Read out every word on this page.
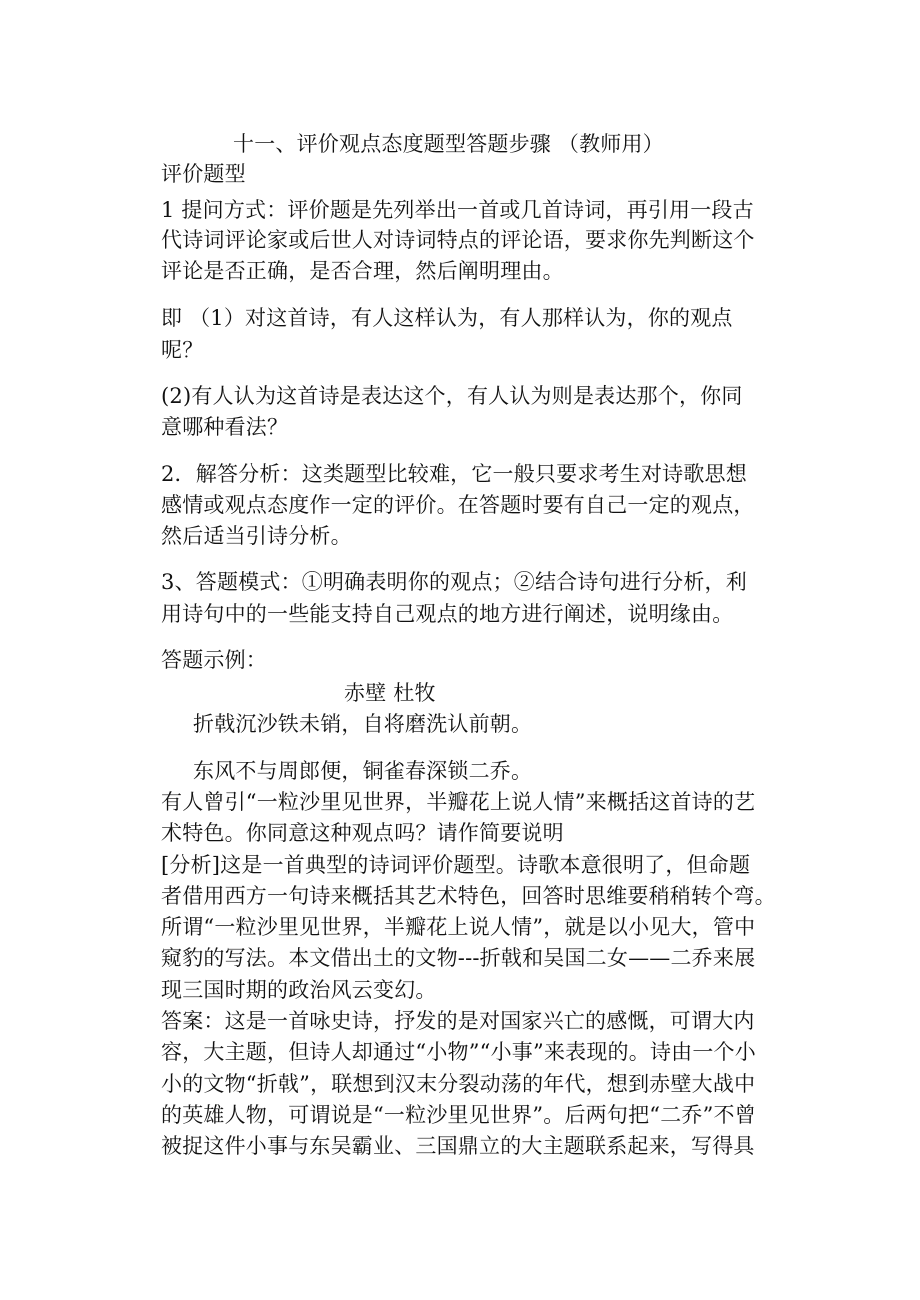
十一、评价观点态度题型答题步骤 （教师用）
评价题型
1 提问方式：评价题是先列举出一首或几首诗词，再引用一段古
代诗词评论家或后世人对诗词特点的评论语，要求你先判断这个
评论是否正确，是否合理，然后阐明理由。
即 （1）对这首诗，有人这样认为，有人那样认为，你的观点
呢？
(2)有人认为这首诗是表达这个，有人认为则是表达那个，你同
意哪种看法？
2．解答分析：这类题型比较难，它一般只要求考生对诗歌思想
感情或观点态度作一定的评价。在答题时要有自己一定的观点，
然后适当引诗分析。
3、答题模式：①明确表明你的观点；②结合诗句进行分析，利
用诗句中的一些能支持自己观点的地方进行阐述，说明缘由。
答题示例：
赤壁 杜牧
折戟沉沙铁未销，自将磨洗认前朝。
东风不与周郎便，铜雀春深锁二乔。
有人曾引“一粒沙里见世界，半瓣花上说人情”来概括这首诗的艺
术特色。你同意这种观点吗？请作简要说明
[分析]这是一首典型的诗词评价题型。诗歌本意很明了，但命题
者借用西方一句诗来概括其艺术特色，回答时思维要稍稍转个弯。
所谓“一粒沙里见世界，半瓣花上说人情”，就是以小见大，管中
窥豹的写法。本文借出土的文物---折戟和吴国二女——二乔来展
现三国时期的政治风云变幻。
答案：这是一首咏史诗，抒发的是对国家兴亡的感慨，可谓大内
容，大主题，但诗人却通过“小物”“小事”来表现的。诗由一个小
小的文物“折戟”，联想到汉末分裂动荡的年代，想到赤壁大战中
的英雄人物，可谓说是“一粒沙里见世界”。后两句把“二乔”不曾
被捉这件小事与东吴霸业、三国鼎立的大主题联系起来，写得具
